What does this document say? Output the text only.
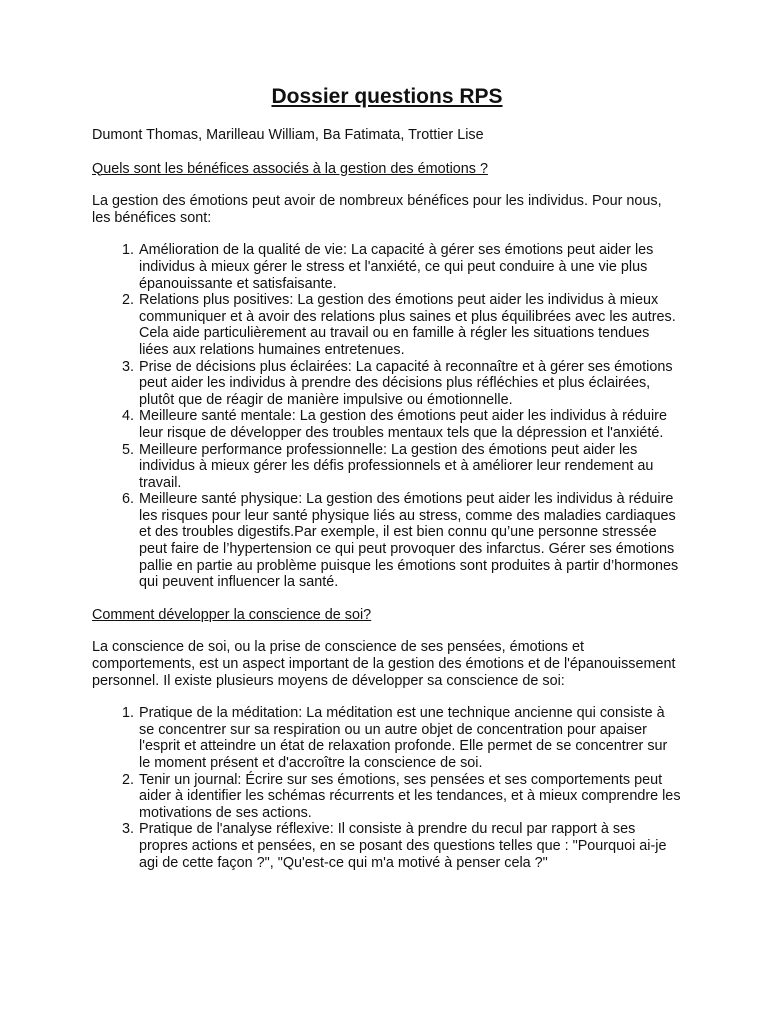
Dossier questions RPS

Dumont Thomas, Marilleau William, Ba Fatimata, Trottier Lise

Quels sont les bénéfices associés à la gestion des émotions ?

La gestion des émotions peut avoir de nombreux bénéfices pour les individus. Pour nous, les bénéfices sont:

1. Amélioration de la qualité de vie: La capacité à gérer ses émotions peut aider les individus à mieux gérer le stress et l'anxiété, ce qui peut conduire à une vie plus épanouissante et satisfaisante.
2. Relations plus positives: La gestion des émotions peut aider les individus à mieux communiquer et à avoir des relations plus saines et plus équilibrées avec les autres. Cela aide particulièrement au travail ou en famille à régler les situations tendues liées aux relations humaines entretenues.
3. Prise de décisions plus éclairées: La capacité à reconnaître et à gérer ses émotions peut aider les individus à prendre des décisions plus réfléchies et plus éclairées, plutôt que de réagir de manière impulsive ou émotionnelle.
4. Meilleure santé mentale: La gestion des émotions peut aider les individus à réduire leur risque de développer des troubles mentaux tels que la dépression et l'anxiété.
5. Meilleure performance professionnelle: La gestion des émotions peut aider les individus à mieux gérer les défis professionnels et à améliorer leur rendement au travail.
6. Meilleure santé physique: La gestion des émotions peut aider les individus à réduire les risques pour leur santé physique liés au stress, comme des maladies cardiaques et des troubles digestifs.Par exemple, il est bien connu qu’une personne stressée peut faire de l’hypertension ce qui peut provoquer des infarctus. Gérer ses émotions pallie en partie au problème puisque les émotions sont produites à partir d’hormones qui peuvent influencer la santé.

Comment développer la conscience de soi?

La conscience de soi, ou la prise de conscience de ses pensées, émotions et comportements, est un aspect important de la gestion des émotions et de l'épanouissement personnel. Il existe plusieurs moyens de développer sa conscience de soi:

1. Pratique de la méditation: La méditation est une technique ancienne qui consiste à se concentrer sur sa respiration ou un autre objet de concentration pour apaiser l'esprit et atteindre un état de relaxation profonde. Elle permet de se concentrer sur le moment présent et d'accroître la conscience de soi.
2. Tenir un journal: Écrire sur ses émotions, ses pensées et ses comportements peut aider à identifier les schémas récurrents et les tendances, et à mieux comprendre les motivations de ses actions.
3. Pratique de l'analyse réflexive: Il consiste à prendre du recul par rapport à ses propres actions et pensées, en se posant des questions telles que : "Pourquoi ai-je agi de cette façon ?", "Qu'est-ce qui m'a motivé à penser cela ?"
